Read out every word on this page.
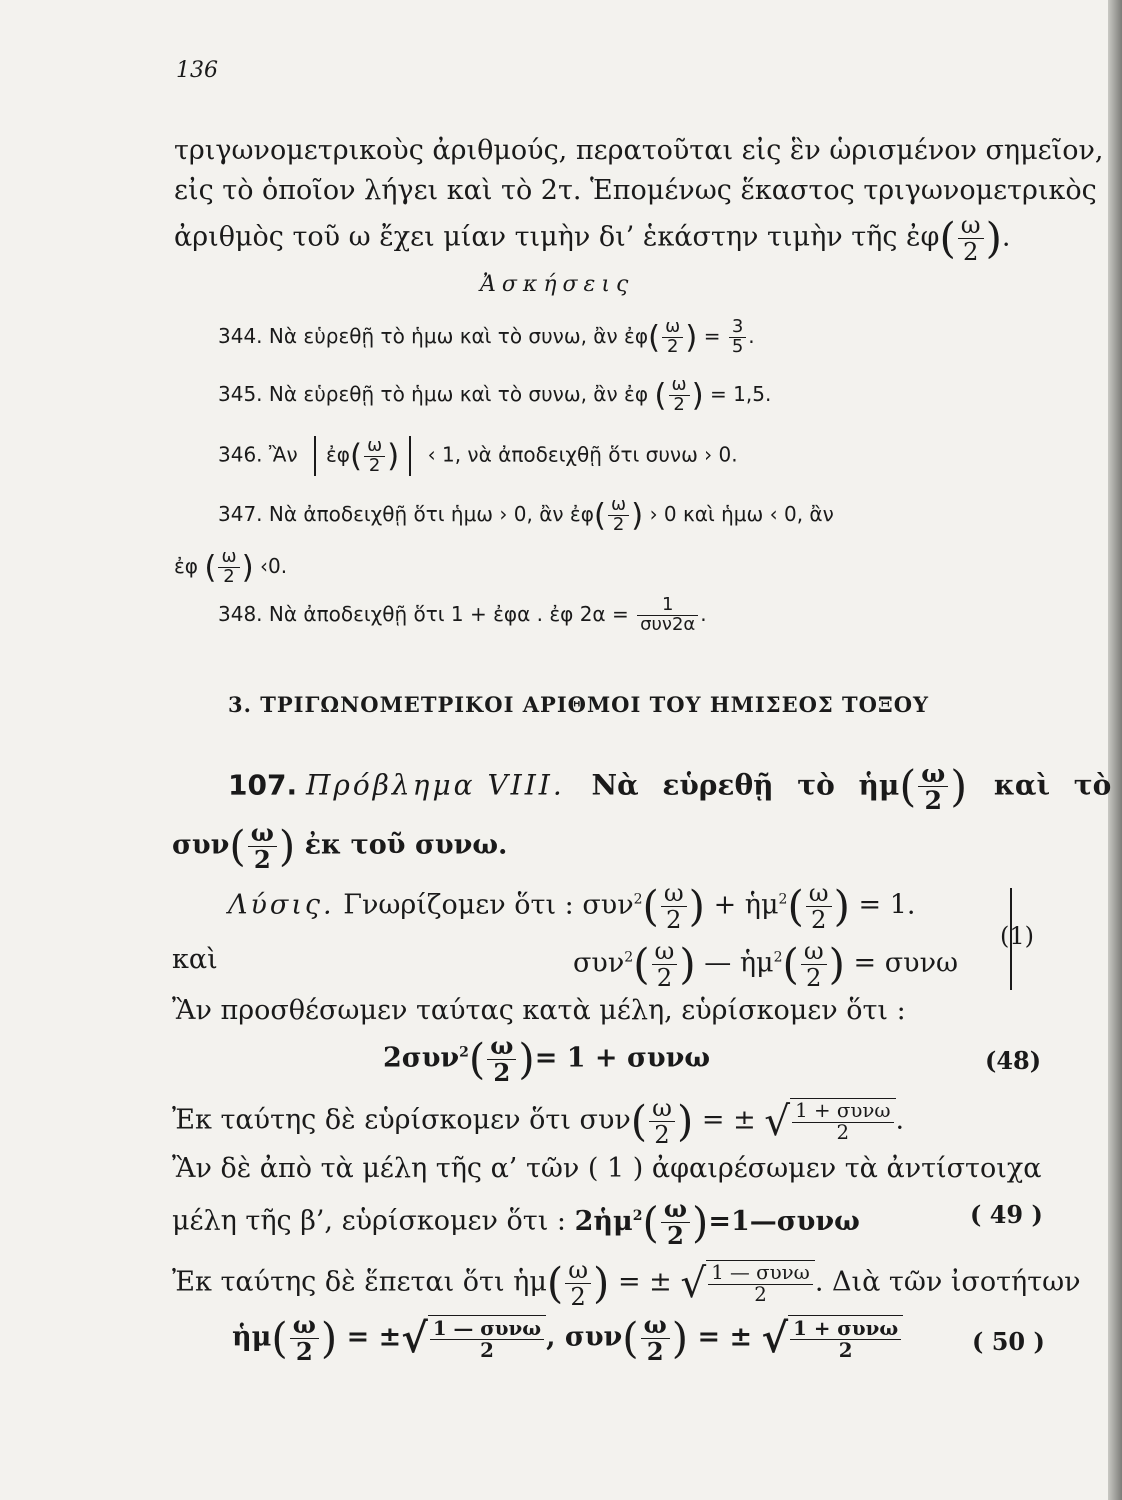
136
τριγωνομετρικοὺς ἀριθμούς, περατοῦται εἰς ἓν ὡρισμένον σημεῖον,
εἰς τὸ ὁποῖον λήγει καὶ τὸ 2τ. Ἑπομένως ἕκαστος τριγωνομετρικὸς
ἀριθμὸς τοῦ ω ἔχει μίαν τιμὴν δι’ ἑκάστην τιμὴν τῆς ἐφ( $\frac{\omega}{2}$ ).
Ἀσκήσεις
344. Νὰ εὑρεθῇ τὸ ἡμω καὶ τὸ συνω, ἂν ἐφ( $\frac{\omega}{2}$ ) = $\frac{3}{5}$ .
345. Νὰ εὑρεθῇ τὸ ἡμω καὶ τὸ συνω, ἂν ἐφ ( $\frac{\omega}{2}$ ) = 1,5.
346. Ἂν ἐφ( $\frac{\omega}{2}$ ) ‹ 1, νὰ ἀποδειχθῇ ὅτι συνω › 0.
347. Νὰ ἀποδειχθῇ ὅτι ἡμω › 0, ἂν ἐφ( $\frac{\omega}{2}$ ) › 0 καὶ ἡμω ‹ 0, ἂν
ἐφ ( $\frac{\omega}{2}$ ) ‹0.
348. Νὰ ἀποδειχθῇ ὅτι 1 + ἐφα . ἐφ $2\alpha = \frac{1}{\text{συν2α}}$ .
3. ΤΡΙΓΩΝΟΜΕΤΡΙΚΟΙ ΑΡΙΘΜΟΙ ΤΟΥ ΗΜΙΣΕΟΣ ΤΟΞΟΥ
107. Πρόβλημα VIII. Νὰ εὑρεθῇ τὸ ἡμ( $\frac{\omega}{2}$ ) καὶ τὸ
$\sigma\upsilon\nu( \frac{\omega}{2}$ ) ἐκ τοῦ συνω.
Λύσις. Γνωρίζομεν ὅτι : $\sigma\upsilon\nu^2( \frac{\omega}{2}$ ) + ἡμ$^2$( $\frac{\omega}{2}$ ) = 1.
καὶ	$\sigma\upsilon\nu^2( \frac{\omega}{2}$ ) — ἡμ$^2$( $\frac{\omega}{2}$ ) = συνω
(1)
Ἂν προσθέσωμεν ταύτας κατὰ μέλη, εὑρίσκομεν ὅτι :
$2\sigma\upsilon\nu^2( \frac{\omega}{2}$ )= 1 + συνω	(48)
Ἐκ ταύτης δὲ εὑρίσκομεν ὅτι $\sigma\upsilon\nu( \frac{\omega}{2}$ ) = ± √ $\frac{\text{1 + συνω}}{2}$ .
Ἂν δὲ ἀπὸ τὰ μέλη τῆς α’ τῶν ( 1 ) ἀφαιρέσωμεν τὰ ἀντίστοιχα
μέλη τῆς β’, εὑρίσκομεν ὅτι : 2ἡμ$^2$( $\frac{\omega}{2}$ )=1—συνω	( 49 )
Ἐκ ταύτης δὲ ἕπεται ὅτι ἡμ( $\frac{\omega}{2}$ ) = ± √ $\frac{\text{1 — συνω}}{2}$ . Διὰ τῶν ἰσοτήτων
ἡμ( $\frac{\omega}{2}$ ) = ±√ $\frac{\text{1 — συνω}}{2}$ , $\sigma\upsilon\nu( \frac{\omega}{2}$ ) = ± √ $\frac{\text{1 + συνω}}{2}$	( 50 )
